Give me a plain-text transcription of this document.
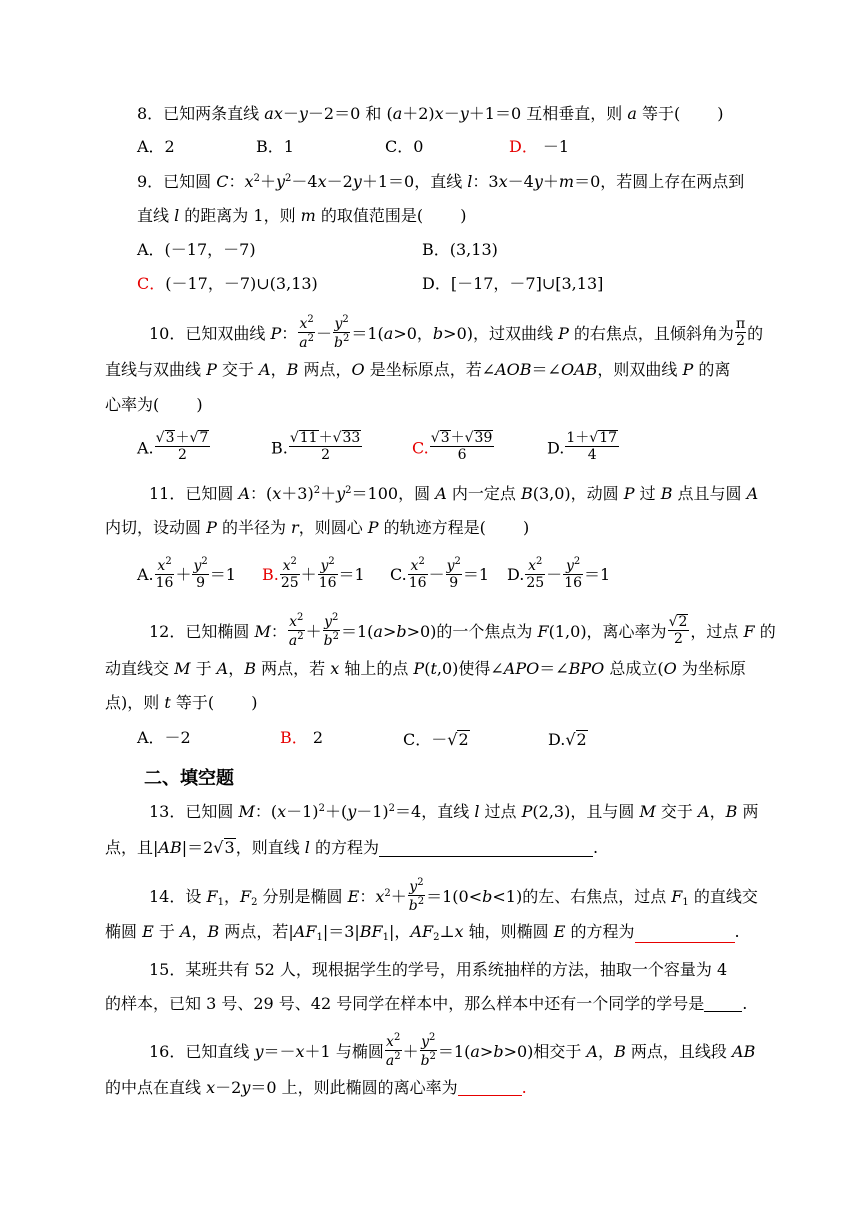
8．已知两条直线 ax－y－2＝0 和 (a＋2)x－y＋1＝0 互相垂直，则 a 等于(　　 )
A．2	B．1	C．0	D． －1
9．已知圆 C：$x^2+y^2-4x-2y+1=0$，直线 l：3x－4y＋m＝0，若圆上存在两点到
直线 l 的距离为 1，则 m 的取值范围是(　　 )
A．(－17，－7)	B．(3,13)
C．(－17，－7)∪(3,13)	D．[－17，－7]∪[3,13]
10．已知双曲线 P： $\frac{x^2}{a^2} - \frac{y^2}{b^2} =1(a>0$，b>0)，过双曲线 P 的右焦点，且倾斜角为 $\frac{\pi}{2}$ 的
直线与双曲线 P 交于 A，B 两点，O 是坐标原点，若∠AOB＝∠OAB，则双曲线 P 的离
心率为(　　 )
A. $\frac{√3+√7}{2}$	B. $\frac{√11+√33}{2}$	C. $\frac{√3+√39}{6}$	D. $\frac{1+√17}{4}$
11．已知圆 A：$(x+3)^2+y^2=100$，圆 A 内一定点 B(3,0)，动圆 P 过 B 点且与圆 A
内切，设动圆 P 的半径为 r，则圆心 P 的轨迹方程是(　　 )
A. $\frac{x^2}{16} + \frac{y^2}{9} =1$ B. $\frac{x^2}{25} + \frac{y^2}{16} =1$ C. $\frac{x^2}{16} - \frac{y^2}{9} =1$ D. $\frac{x^2}{25} - \frac{y^2}{16} =1$
12．已知椭圆 M： $\frac{x^2}{a^2} + \frac{y^2}{b^2} =1(a>b>0)$的一个焦点为 F(1,0)，离心率为 $\frac{√2}{2}$ ，过点 F 的
动直线交 M 于 A，B 两点，若 x 轴上的点 P(t,0)使得∠APO＝∠BPO 总成立(O 为坐标原
点)，则 t 等于(　　 )
A．－2	B． 2	C．－√2	D.√2
二、填空题
13．已知圆 M：$(x-1)^2+(y-1)^2=4$，直线 l 过点 P(2,3)，且与圆 M 交于 A，B 两
点，且|AB|＝2√3，则直线 l 的方程为	.
14．设 $F_1$，$F_2$ 分别是椭圆 E：$x^2+ \frac{y^2}{b^2} =1(0<b<1)$的左、右焦点，过点 $F_1$ 的直线交
椭圆 E 于 A，B 两点，若$|AF_1|=3|BF_1|$，$AF_2\perp x$ 轴，则椭圆 E 的方程为	.
15．某班共有 52 人，现根据学生的学号，用系统抽样的方法，抽取一个容量为 4
的样本，已知 3 号、29 号、42 号同学在样本中，那么样本中还有一个同学的学号是 .
16．已知直线 y＝－x＋1 与椭圆 $\frac{x^2}{a^2} + \frac{y^2}{b^2} =1(a>b>0)$相交于 A，B 两点，且线段 AB
的中点在直线 x－2y＝0 上，则此椭圆的离心率为	.
